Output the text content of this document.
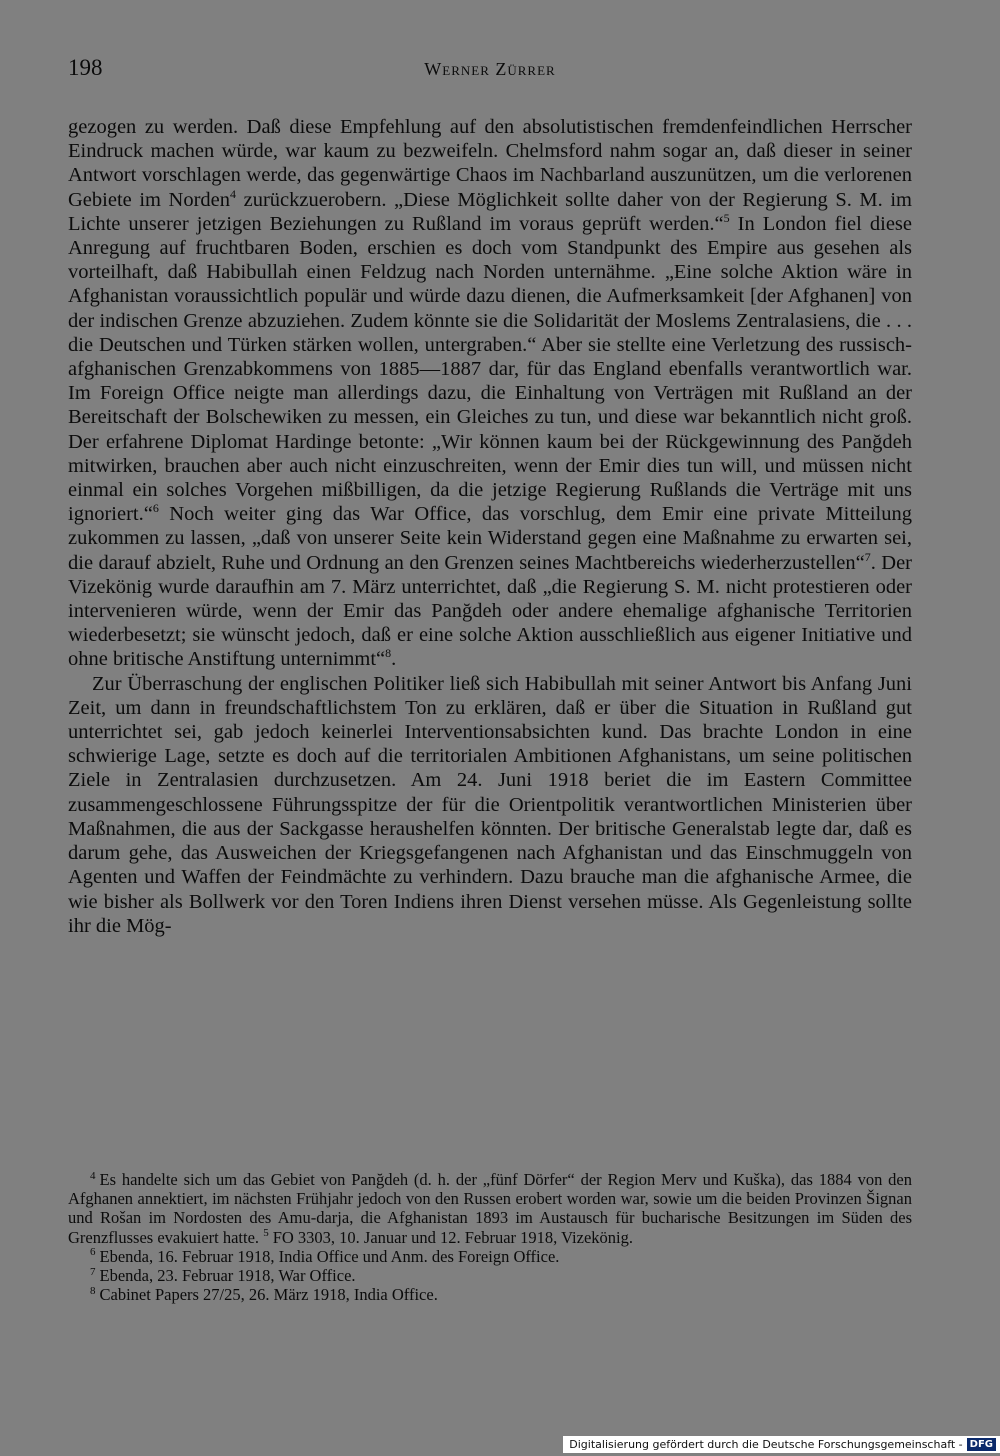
198	Werner Zürrer

gezogen zu werden. Daß diese Empfehlung auf den absolutistischen fremdenfeindlichen Herrscher Eindruck machen würde, war kaum zu bezweifeln. Chelmsford nahm sogar an, daß dieser in seiner Antwort vorschlagen werde, das gegenwärtige Chaos im Nachbarland auszunützen, um die verlorenen Gebiete im Norden$^4$ zurückzuerobern. „Diese Möglichkeit sollte daher von der Regierung S. M. im Lichte unserer jetzigen Beziehungen zu Rußland im voraus geprüft werden.“$^5$ In London fiel diese Anregung auf fruchtbaren Boden, erschien es doch vom Standpunkt des Empire aus gesehen als vorteilhaft, daß Habibullah einen Feldzug nach Norden unternähme. „Eine solche Aktion wäre in Afghanistan voraussichtlich populär und würde dazu dienen, die Aufmerksamkeit [der Afghanen] von der indischen Grenze abzuziehen. Zudem könnte sie die Solidarität der Moslems Zentralasiens, die . . . die Deutschen und Türken stärken wollen, untergraben.“ Aber sie stellte eine Verletzung des russisch-afghanischen Grenzabkommens von 1885—1887 dar, für das England ebenfalls verantwortlich war. Im Foreign Office neigte man allerdings dazu, die Einhaltung von Verträgen mit Rußland an der Bereitschaft der Bolschewiken zu messen, ein Gleiches zu tun, und diese war bekanntlich nicht groß. Der erfahrene Diplomat Hardinge betonte: „Wir können kaum bei der Rückgewinnung des Panğdeh mitwirken, brauchen aber auch nicht einzuschreiten, wenn der Emir dies tun will, und müssen nicht einmal ein solches Vorgehen mißbilligen, da die jetzige Regierung Rußlands die Verträge mit uns ignoriert.“$^6$ Noch weiter ging das War Office, das vorschlug, dem Emir eine private Mitteilung zukommen zu lassen, „daß von unserer Seite kein Widerstand gegen eine Maßnahme zu erwarten sei, die darauf abzielt, Ruhe und Ordnung an den Grenzen seines Machtbereichs wiederherzustellen“$^7$. Der Vizekönig wurde daraufhin am 7. März unterrichtet, daß „die Regierung S. M. nicht protestieren oder intervenieren würde, wenn der Emir das Panğdeh oder andere ehemalige afghanische Territorien wiederbesetzt; sie wünscht jedoch, daß er eine solche Aktion ausschließlich aus eigener Initiative und ohne britische Anstiftung unternimmt“$^8$.

Zur Überraschung der englischen Politiker ließ sich Habibullah mit seiner Antwort bis Anfang Juni Zeit, um dann in freundschaftlichstem Ton zu erklären, daß er über die Situation in Rußland gut unterrichtet sei, gab jedoch keinerlei Interventionsabsichten kund. Das brachte London in eine schwierige Lage, setzte es doch auf die territorialen Ambitionen Afghanistans, um seine politischen Ziele in Zentralasien durchzusetzen. Am 24. Juni 1918 beriet die im Eastern Committee zusammengeschlossene Führungsspitze der für die Orientpolitik verantwortlichen Ministerien über Maßnahmen, die aus der Sackgasse heraushelfen könnten. Der britische Generalstab legte dar, daß es darum gehe, das Ausweichen der Kriegsgefangenen nach Afghanistan und das Einschmuggeln von Agenten und Waffen der Feindmächte zu verhindern. Dazu brauche man die afghanische Armee, die wie bisher als Bollwerk vor den Toren Indiens ihren Dienst versehen müsse. Als Gegenleistung sollte ihr die Mög-

$^4$ Es handelte sich um das Gebiet von Panğdeh (d. h. der „fünf Dörfer“ der Region Merv und Kuška), das 1884 von den Afghanen annektiert, im nächsten Frühjahr jedoch von den Russen erobert worden war, sowie um die beiden Provinzen Šignan und Rošan im Nordosten des Amu-darja, die Afghanistan 1893 im Austausch für bucharische Besitzungen im Süden des Grenzflusses evakuiert hatte. $^5$ FO 3303, 10. Januar und 12. Februar 1918, Vizekönig.

$^6$ Ebenda, 16. Februar 1918, India Office und Anm. des Foreign Office.

$^7$ Ebenda, 23. Februar 1918, War Office.

$^8$ Cabinet Papers 27/25, 26. März 1918, India Office.

Digitalisierung gefördert durch die Deutsche Forschungsgemeinschaft - DFG
